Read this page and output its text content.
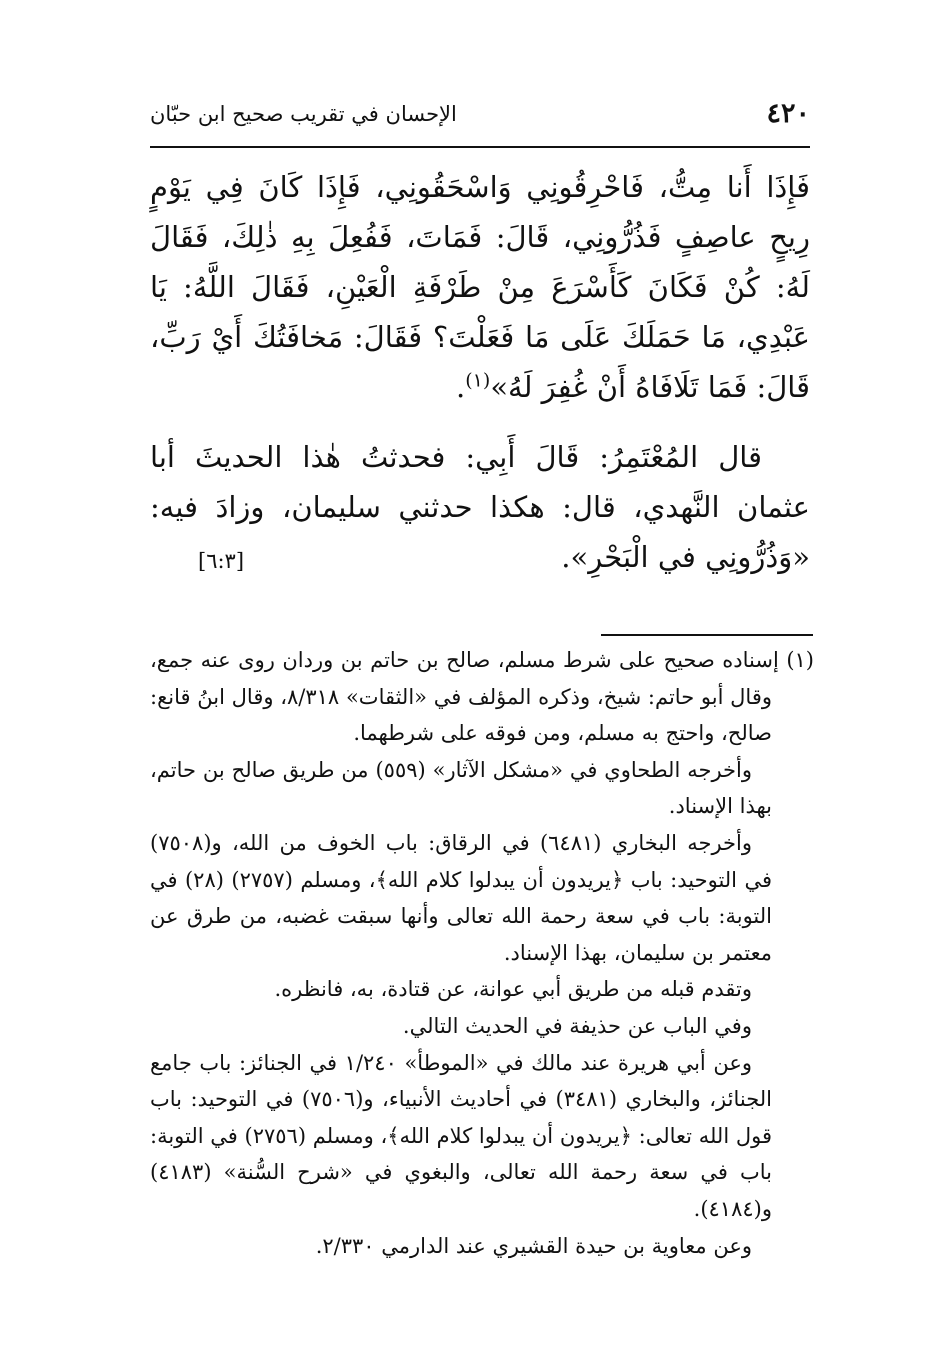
٤٢٠
الإحسان في تقريب صحيح ابن حبّان

فَإِذَا أَنا مِتُّ، فَاحْرِقُونِي وَاسْحَقُونِي، فَإِذَا كَانَ فِي يَوْمٍ رِيحٍ عاصِفٍ فَذُرُّونِي، قَالَ: فَمَاتَ، فَفُعِلَ بِهِ ذٰلِكَ، فَقَالَ لَهُ: كُنْ فَكَانَ كَأَسْرَعَ مِنْ طَرْفَةِ الْعَيْنِ، فَقَالَ اللَّهُ: يَا عَبْدِي، مَا حَمَلَكَ عَلَى مَا فَعَلْتَ؟ فَقَالَ: مَخافَتُكَ أَيْ رَبِّ، قَالَ: فَمَا تَلَافَاهُ أَنْ غُفِرَ لَهُ»$^{(١)}$.

قال المُعْتَمِرُ: قَالَ أَبِي: فحدثتُ هٰذا الحديثَ أبا عثمان النَّهدي، قال: هكذا حدثني سليمان، وزادَ فيه: «وَذُرُّونِي في الْبَحْرِ».
[٦:٣]

(١) إسناده صحيح على شرط مسلم، صالح بن حاتم بن وردان روى عنه جمع، وقال أبو حاتم: شيخ، وذكره المؤلف في «الثقات» ٨/٣١٨، وقال ابنُ قانع: صالح، واحتج به مسلم، ومن فوقه على شرطهما.

وأخرجه الطحاوي في «مشكل الآثار» (٥٥٩) من طريق صالح بن حاتم، بهذا الإسناد.

وأخرجه البخاري (٦٤٨١) في الرقاق: باب الخوف من الله، و(٧٥٠٨) في التوحيد: باب ﴿يريدون أن يبدلوا كلام الله﴾، ومسلم (٢٧٥٧) (٢٨) في التوبة: باب في سعة رحمة الله تعالى وأنها سبقت غضبه، من طرق عن معتمر بن سليمان، بهذا الإسناد.

وتقدم قبله من طريق أبي عوانة، عن قتادة، به، فانظره.

وفي الباب عن حذيفة في الحديث التالي.

وعن أبي هريرة عند مالك في «الموطأ» ١/٢٤٠ في الجنائز: باب جامع الجنائز، والبخاري (٣٤٨١) في أحاديث الأنبياء، و(٧٥٠٦) في التوحيد: باب قول الله تعالى: ﴿يريدون أن يبدلوا كلام الله﴾، ومسلم (٢٧٥٦) في التوبة: باب في سعة رحمة الله تعالى، والبغوي في «شرح السُّنة» (٤١٨٣) و(٤١٨٤).

وعن معاوية بن حيدة القشيري عند الدارمي ٢/٣٣٠.
